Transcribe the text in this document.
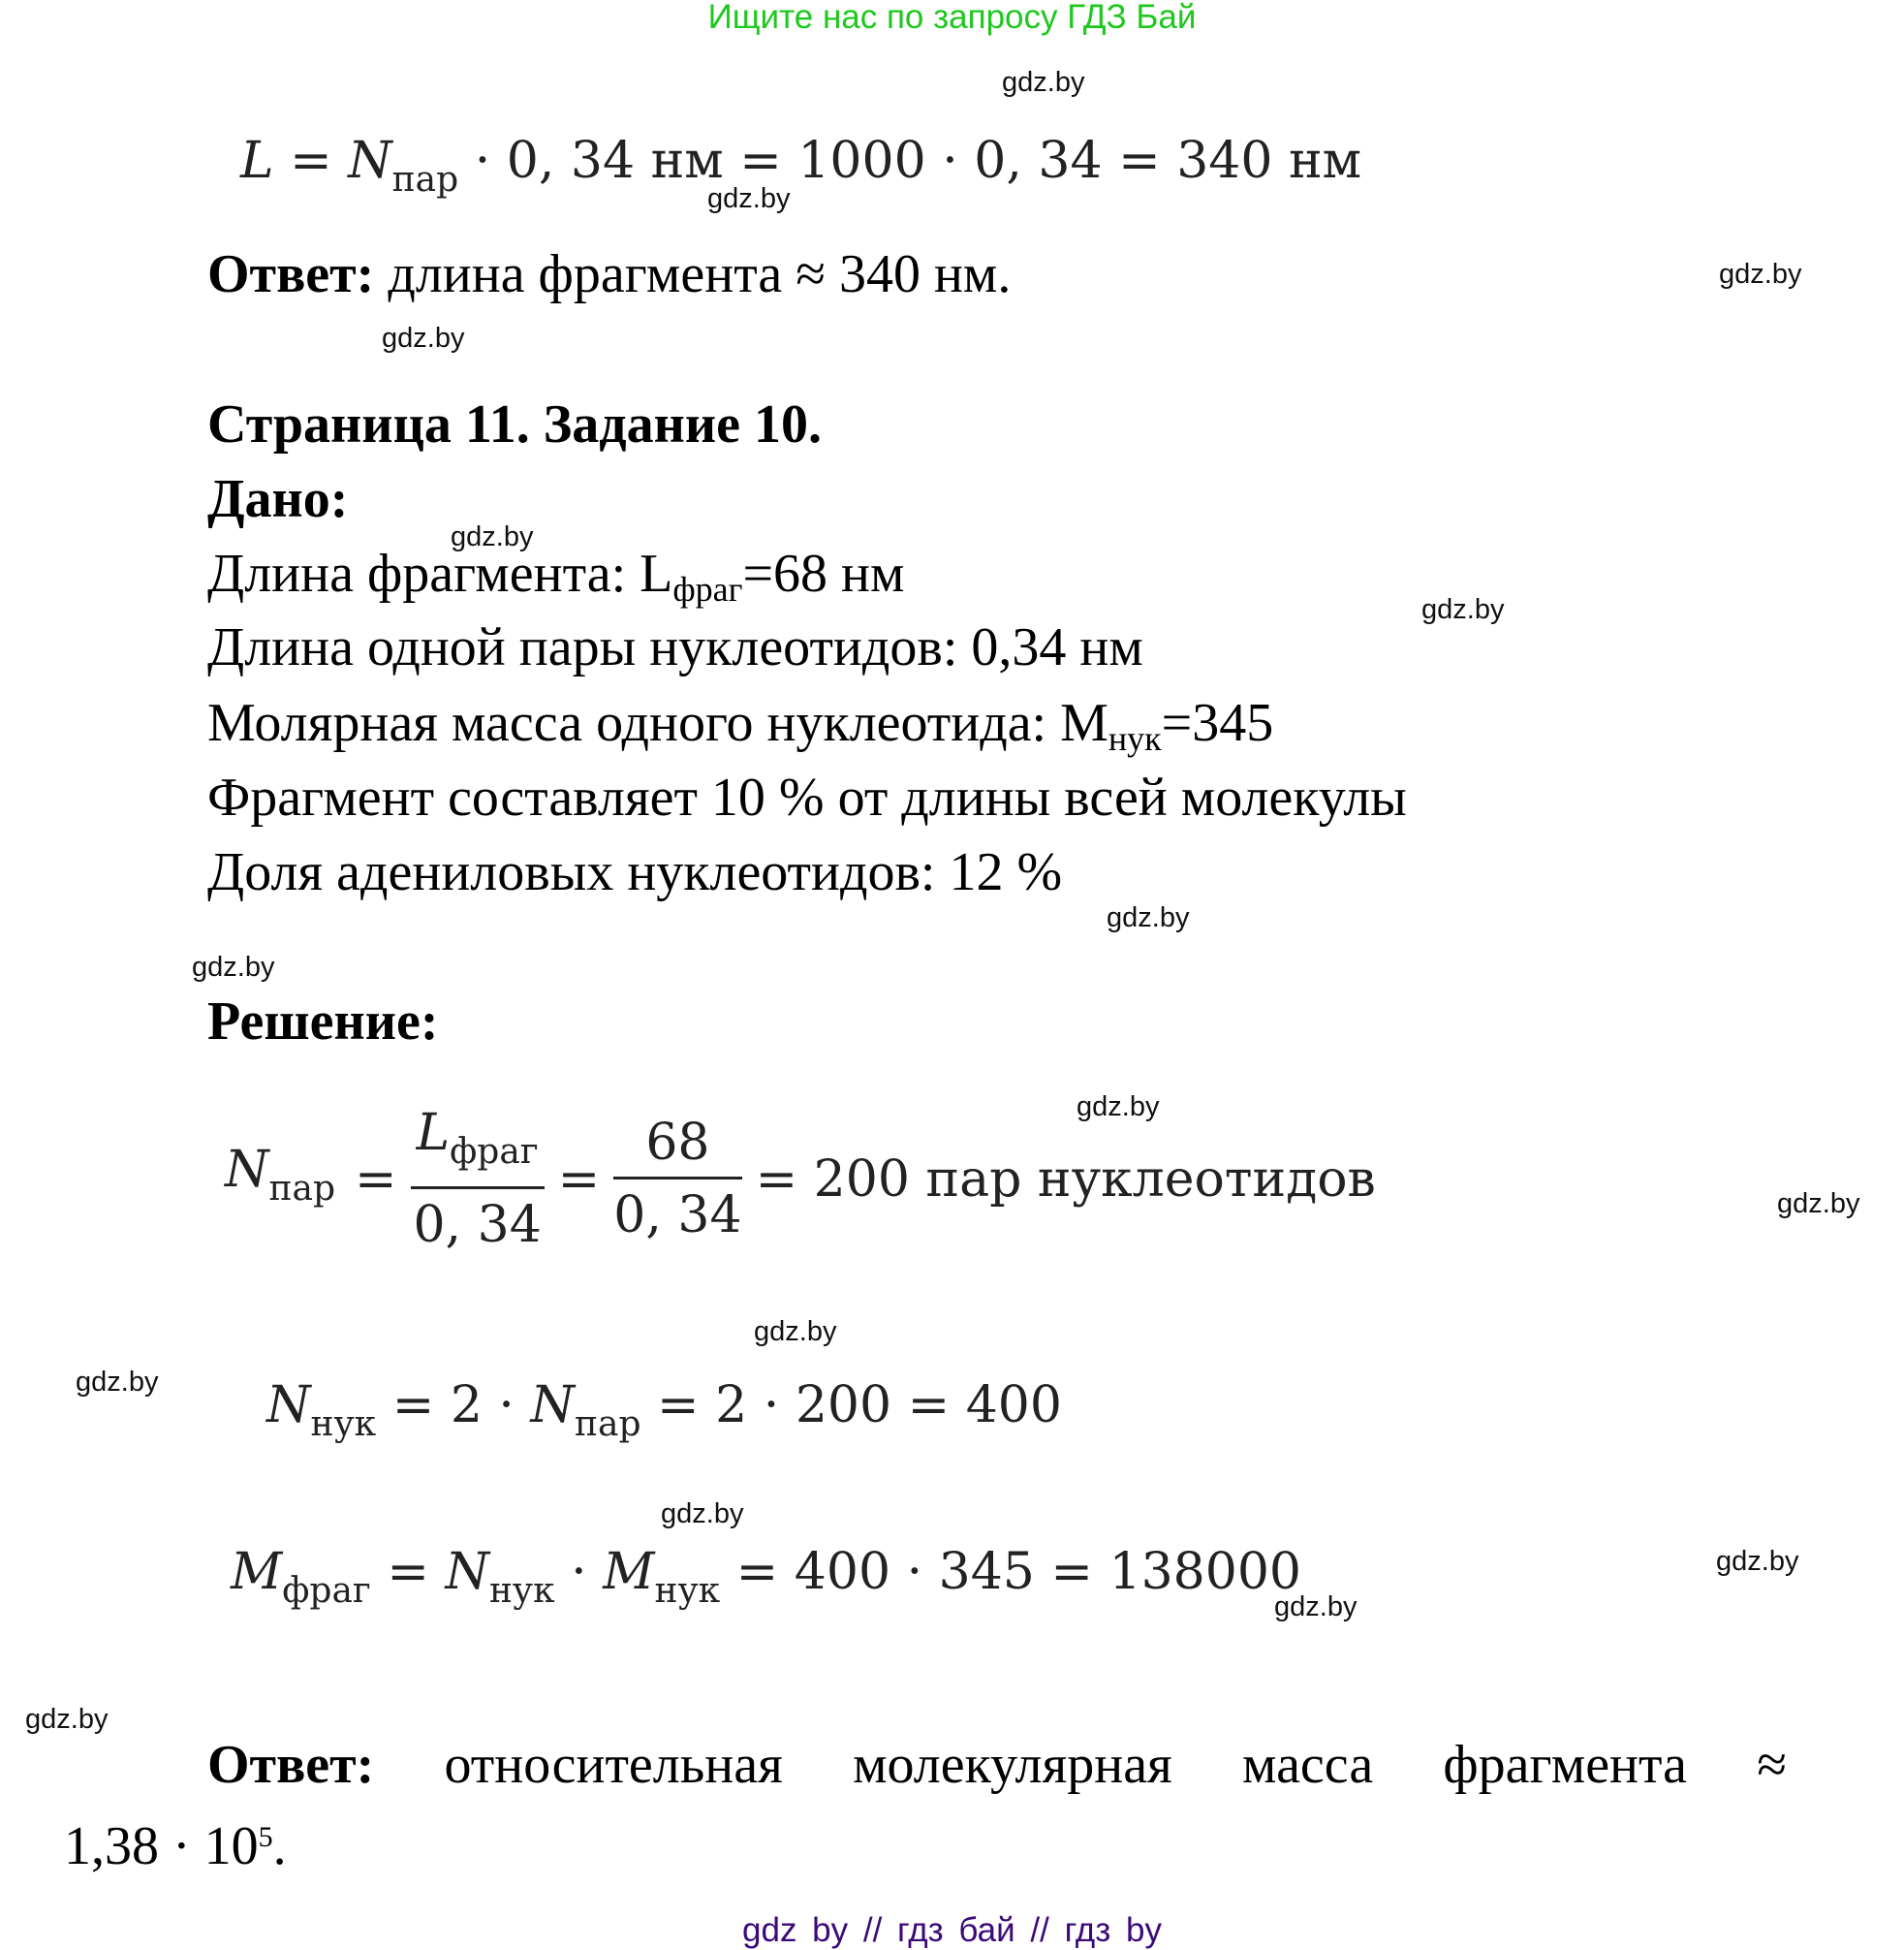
Ищите нас по запросу ГДЗ Бай
gdz.by
gdz.by
gdz.by
gdz.by
gdz.by
gdz.by
gdz.by
gdz.by
gdz.by
gdz.by
gdz.by
gdz.by
gdz.by
gdz.by
gdz.by
gdz.by
$L = N_{пар} \cdot 0$, 34 нм = 1000 · 0, 34 = 340 нм
Ответ: длина фрагмента ≈ 340 нм.
Страница 11. Задание 10.
Дано:
Длина фрагмента: $L_{фраг}=68$ нм
Длина одной пары нуклеотидов: 0,34 нм
Молярная масса одного нуклеотида: $M_{нук}=345$
Фрагмент составляет 10 % от длины всей молекулы
Доля адениловых нуклеотидов: 12 %
Решение:
$N_{пар} = \frac{L_{фраг}}{0, 34} = \frac{68}{0, 34} = 200$ пар нуклеотидов
$N_{нук} = 2 \cdot N_{пар} = 2 \cdot 200 = 400$
$M_{фраг} = N_{нук} \cdot M_{нук} = 400 \cdot 345 = 138000$
Ответ: относительная молекулярная масса фрагмента ≈
$1,38 \cdot 10^5$.
gdz by // гдз бай // гдз by
